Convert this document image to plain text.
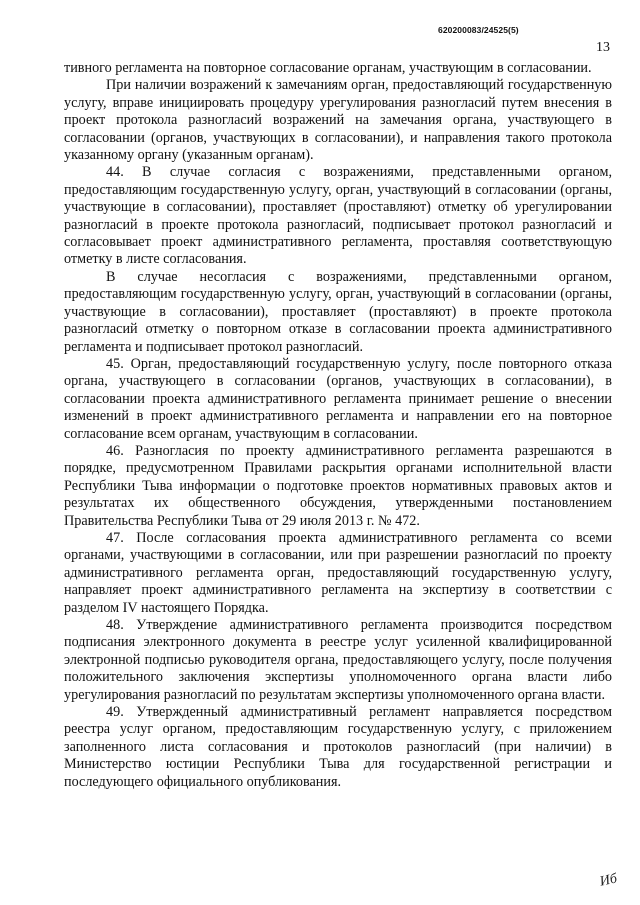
620200083/24525(5)
13

тивного регламента на повторное согласование органам, участвующим в согласовании.

При наличии возражений к замечаниям орган, предоставляющий государственную услугу, вправе инициировать процедуру урегулирования разногласий путем внесения в проект протокола разногласий возражений на замечания органа, участвующего в согласовании (органов, участвующих в согласовании), и направления такого протокола указанному органу (указанным органам).

44. В случае согласия с возражениями, представленными органом, предоставляющим государственную услугу, орган, участвующий в согласовании (органы, участвующие в согласовании), проставляет (проставляют) отметку об урегулировании разногласий в проекте протокола разногласий, подписывает протокол разногласий и согласовывает проект административного регламента, проставляя соответствующую отметку в листе согласования.

В случае несогласия с возражениями, представленными органом, предоставляющим государственную услугу, орган, участвующий в согласовании (органы, участвующие в согласовании), проставляет (проставляют) в проекте протокола разногласий отметку о повторном отказе в согласовании проекта административного регламента и подписывает протокол разногласий.

45. Орган, предоставляющий государственную услугу, после повторного отказа органа, участвующего в согласовании (органов, участвующих в согласовании), в согласовании проекта административного регламента принимает решение о внесении изменений в проект административного регламента и направлении его на повторное согласование всем органам, участвующим в согласовании.

46. Разногласия по проекту административного регламента разрешаются в порядке, предусмотренном Правилами раскрытия органами исполнительной власти Республики Тыва информации о подготовке проектов нормативных правовых актов и результатах их общественного обсуждения, утвержденными постановлением Правительства Республики Тыва от 29 июля 2013 г. № 472.

47. После согласования проекта административного регламента со всеми органами, участвующими в согласовании, или при разрешении разногласий по проекту административного регламента орган, предоставляющий государственную услугу, направляет проект административного регламента на экспертизу в соответствии с разделом IV настоящего Порядка.

48. Утверждение административного регламента производится посредством подписания электронного документа в реестре услуг усиленной квалифицированной электронной подписью руководителя органа, предоставляющего услугу, после получения положительного заключения экспертизы уполномоченного органа власти либо урегулирования разногласий по результатам экспертизы уполномоченного органа власти.

49. Утвержденный административный регламент направляется посредством реестра услуг органом, предоставляющим государственную услугу, с приложением заполненного листа согласования и протоколов разногласий (при наличии) в Министерство юстиции Республики Тыва для государственной регистрации и последующего официального опубликования.

Иб
